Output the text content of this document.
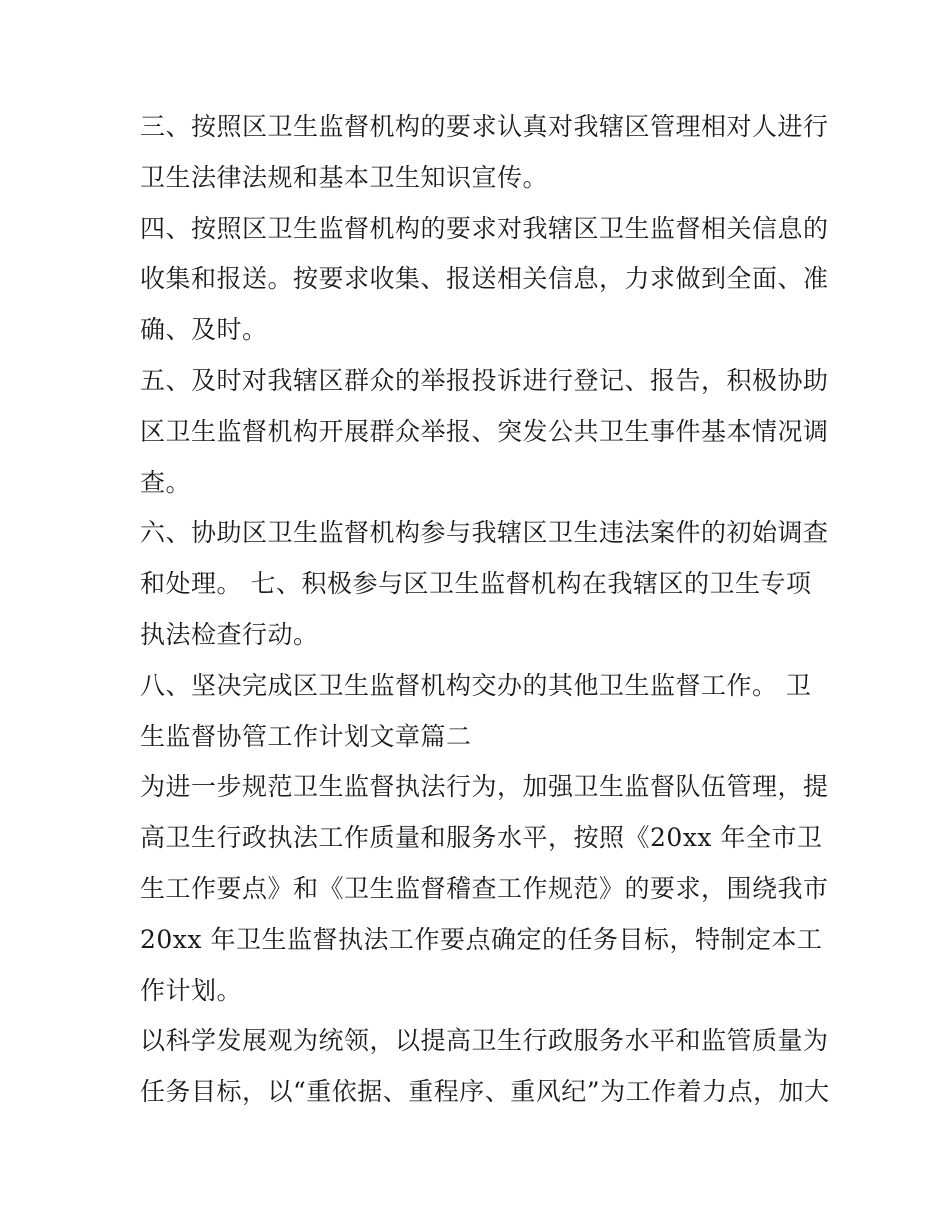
三、按照区卫生监督机构的要求认真对我辖区管理相对人进行
卫生法律法规和基本卫生知识宣传。
四、按照区卫生监督机构的要求对我辖区卫生监督相关信息的
收集和报送。按要求收集、报送相关信息，力求做到全面、准
确、及时。
五、及时对我辖区群众的举报投诉进行登记、报告，积极协助
区卫生监督机构开展群众举报、突发公共卫生事件基本情况调
查。
六、协助区卫生监督机构参与我辖区卫生违法案件的初始调查
和处理。 七、积极参与区卫生监督机构在我辖区的卫生专项
执法检查行动。
八、坚决完成区卫生监督机构交办的其他卫生监督工作。 卫
生监督协管工作计划文章篇二
为进一步规范卫生监督执法行为，加强卫生监督队伍管理，提
高卫生行政执法工作质量和服务水平，按照《20xx 年全市卫
生工作要点》和《卫生监督稽查工作规范》的要求，围绕我市
20xx 年卫生监督执法工作要点确定的任务目标，特制定本工
作计划。
以科学发展观为统领，以提高卫生行政服务水平和监管质量为
任务目标，以“重依据、重程序、重风纪”为工作着力点，加大
